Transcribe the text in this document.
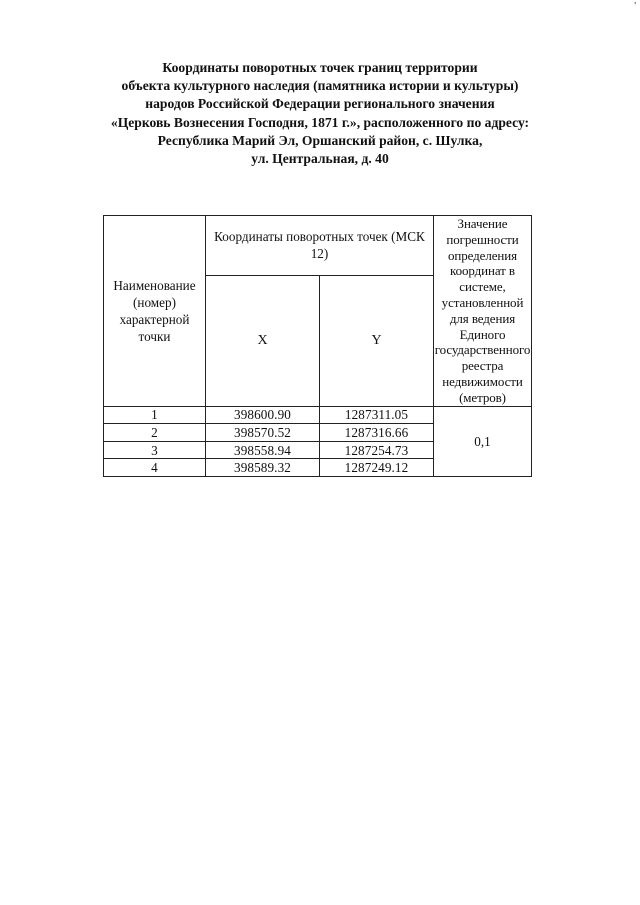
'
Координаты поворотных точек границ территории
объекта культурного наследия (памятника истории и культуры)
народов Российской Федерации регионального значения
«Церковь Вознесения Господня, 1871 г.», расположенного по адресу:
Республика Марий Эл, Оршанский район, с. Шулка,
ул. Центральная, д. 40
Наименование (номер) характерной точки	Координаты поворотных точек (МСК 12)		Значение погрешности определения координат в системе, установленной для ведения Единого государственного реестра недвижимости (метров)
	X	Y	
1	398600.90	1287311.05	0,1
2	398570.52	1287316.66	
3	398558.94	1287254.73	
4	398589.32	1287249.12	
